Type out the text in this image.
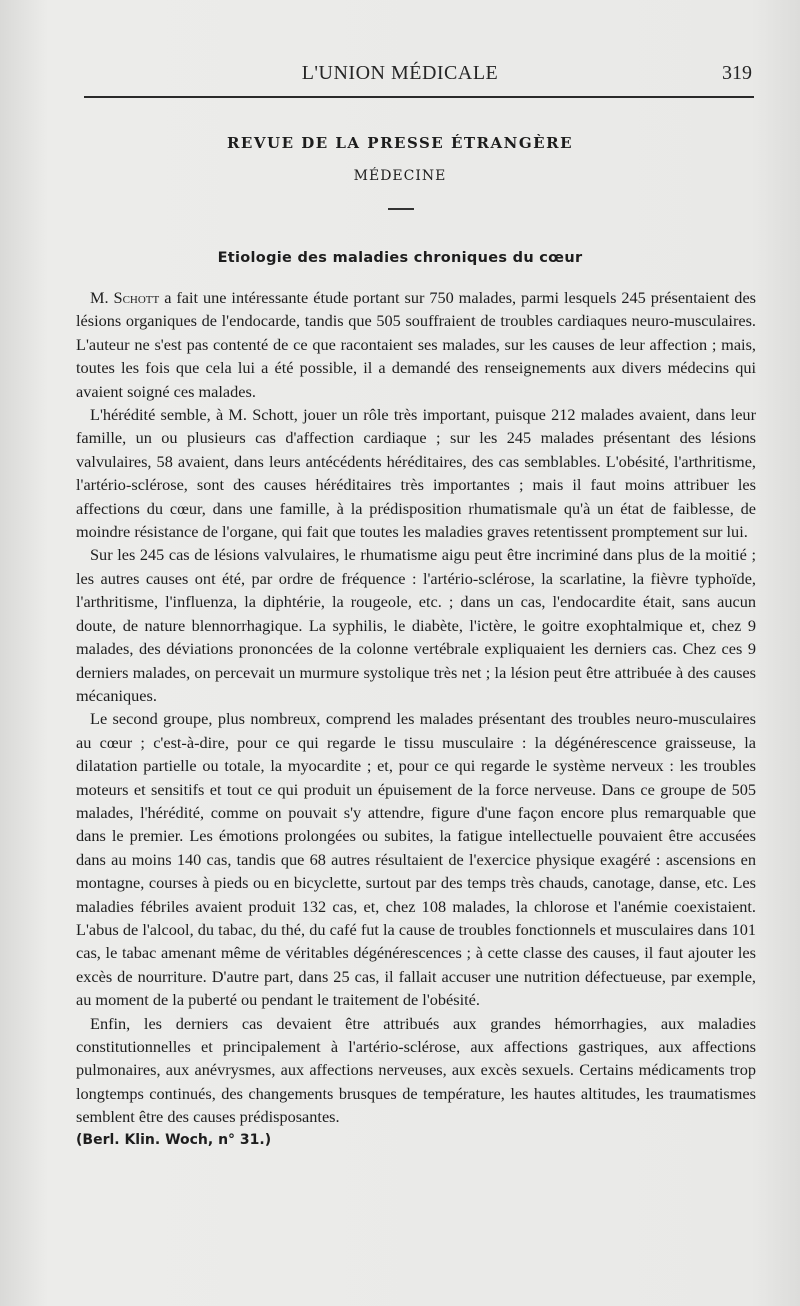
L'UNION MÉDICALE	319
REVUE DE LA PRESSE ÉTRANGÈRE
MÉDECINE
Etiologie des maladies chroniques du cœur

M. Schott a fait une intéressante étude portant sur 750 malades, parmi lesquels 245 présentaient des lésions organiques de l'endocarde, tandis que 505 souffraient de troubles cardiaques neuro-musculaires. L'auteur ne s'est pas contenté de ce que racontaient ses malades, sur les causes de leur affection ; mais, toutes les fois que cela lui a été possible, il a demandé des renseignements aux divers médecins qui avaient soigné ces malades.

L'hérédité semble, à M. Schott, jouer un rôle très important, puisque 212 malades avaient, dans leur famille, un ou plusieurs cas d'affection cardiaque ; sur les 245 malades présentant des lésions valvulaires, 58 avaient, dans leurs antécédents héréditaires, des cas semblables. L'obésité, l'arthritisme, l'artério-sclérose, sont des causes héréditaires très importantes ; mais il faut moins attribuer les affections du cœur, dans une famille, à la prédisposition rhumatismale qu'à un état de faiblesse, de moindre résistance de l'organe, qui fait que toutes les maladies graves retentissent promptement sur lui.

Sur les 245 cas de lésions valvulaires, le rhumatisme aigu peut être incriminé dans plus de la moitié ; les autres causes ont été, par ordre de fréquence : l'artério-sclérose, la scarlatine, la fièvre typhoïde, l'arthritisme, l'influenza, la diphtérie, la rougeole, etc. ; dans un cas, l'endocardite était, sans aucun doute, de nature blennorrhagique. La syphilis, le diabète, l'ictère, le goitre exophtalmique et, chez 9 malades, des déviations prononcées de la colonne vertébrale expliquaient les derniers cas. Chez ces 9 derniers malades, on percevait un murmure systolique très net ; la lésion peut être attribuée à des causes mécaniques.

Le second groupe, plus nombreux, comprend les malades présentant des troubles neuro-musculaires au cœur ; c'est-à-dire, pour ce qui regarde le tissu musculaire : la dégénérescence graisseuse, la dilatation partielle ou totale, la myocardite ; et, pour ce qui regarde le système nerveux : les troubles moteurs et sensitifs et tout ce qui produit un épuisement de la force nerveuse. Dans ce groupe de 505 malades, l'hérédité, comme on pouvait s'y attendre, figure d'une façon encore plus remarquable que dans le premier. Les émotions prolongées ou subites, la fatigue intellectuelle pouvaient être accusées dans au moins 140 cas, tandis que 68 autres résultaient de l'exercice physique exagéré : ascensions en montagne, courses à pieds ou en bicyclette, surtout par des temps très chauds, canotage, danse, etc. Les maladies fébriles avaient produit 132 cas, et, chez 108 malades, la chlorose et l'anémie coexistaient. L'abus de l'alcool, du tabac, du thé, du café fut la cause de troubles fonctionnels et musculaires dans 101 cas, le tabac amenant même de véritables dégénérescences ; à cette classe des causes, il faut ajouter les excès de nourriture. D'autre part, dans 25 cas, il fallait accuser une nutrition défectueuse, par exemple, au moment de la puberté ou pendant le traitement de l'obésité.

Enfin, les derniers cas devaient être attribués aux grandes hémorrhagies, aux maladies constitutionnelles et principalement à l'artério-sclérose, aux affections gastriques, aux affections pulmonaires, aux anévrysmes, aux affections nerveuses, aux excès sexuels. Certains médicaments trop longtemps continués, des changements brusques de température, les hautes altitudes, les traumatismes semblent être des causes prédisposantes.

(Berl. Klin. Woch, n° 31.)
